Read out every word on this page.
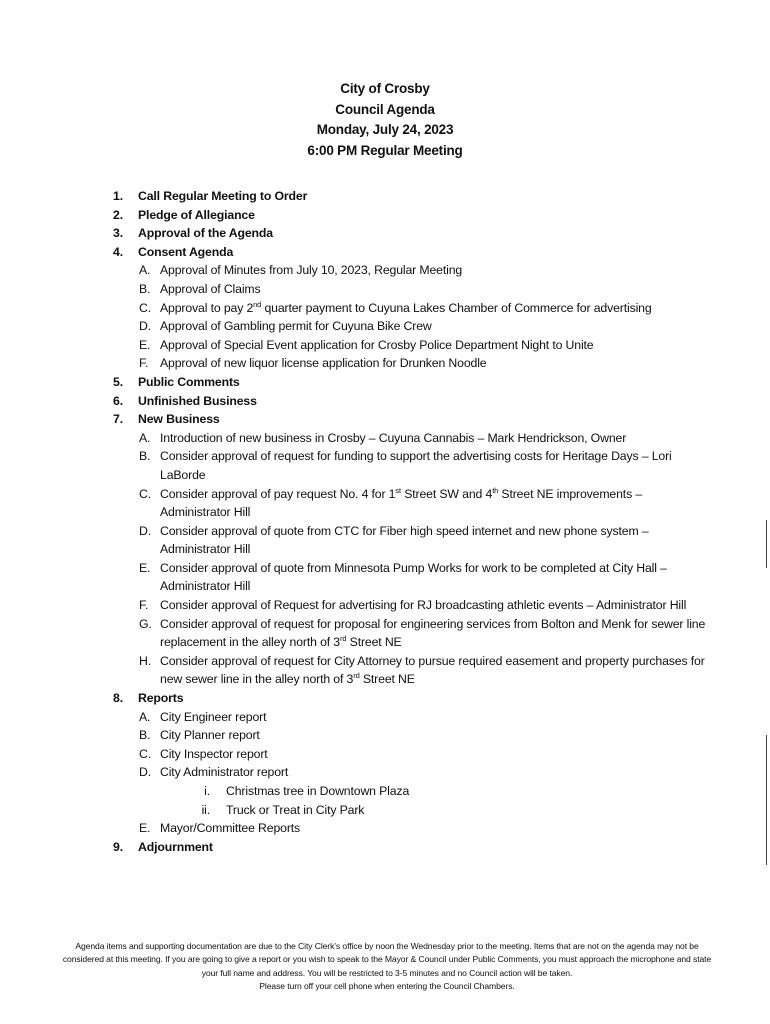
City of Crosby
Council Agenda
Monday, July 24, 2023
6:00 PM Regular Meeting
1. Call Regular Meeting to Order
2. Pledge of Allegiance
3. Approval of the Agenda
4. Consent Agenda
A. Approval of Minutes from July 10, 2023, Regular Meeting
B. Approval of Claims
C. Approval to pay 2nd quarter payment to Cuyuna Lakes Chamber of Commerce for advertising
D. Approval of Gambling permit for Cuyuna Bike Crew
E. Approval of Special Event application for Crosby Police Department Night to Unite
F. Approval of new liquor license application for Drunken Noodle
5. Public Comments
6. Unfinished Business
7. New Business
A. Introduction of new business in Crosby – Cuyuna Cannabis – Mark Hendrickson, Owner
B. Consider approval of request for funding to support the advertising costs for Heritage Days – Lori LaBorde
C. Consider approval of pay request No. 4 for 1st Street SW and 4th Street NE improvements – Administrator Hill
D. Consider approval of quote from CTC for Fiber high speed internet and new phone system – Administrator Hill
E. Consider approval of quote from Minnesota Pump Works for work to be completed at City Hall – Administrator Hill
F. Consider approval of Request for advertising for RJ broadcasting athletic events – Administrator Hill
G. Consider approval of request for proposal for engineering services from Bolton and Menk for sewer line replacement in the alley north of 3rd Street NE
H. Consider approval of request for City Attorney to pursue required easement and property purchases for new sewer line in the alley north of 3rd Street NE
8. Reports
A. City Engineer report
B. City Planner report
C. City Inspector report
D. City Administrator report
i. Christmas tree in Downtown Plaza
ii. Truck or Treat in City Park
E. Mayor/Committee Reports
9. Adjournment
Agenda items and supporting documentation are due to the City Clerk’s office by noon the Wednesday prior to the meeting. Items that are not on the agenda may not be considered at this meeting. If you are going to give a report or you wish to speak to the Mayor & Council under Public Comments, you must approach the microphone and state your full name and address. You will be restricted to 3-5 minutes and no Council action will be taken.
Please turn off your cell phone when entering the Council Chambers.
